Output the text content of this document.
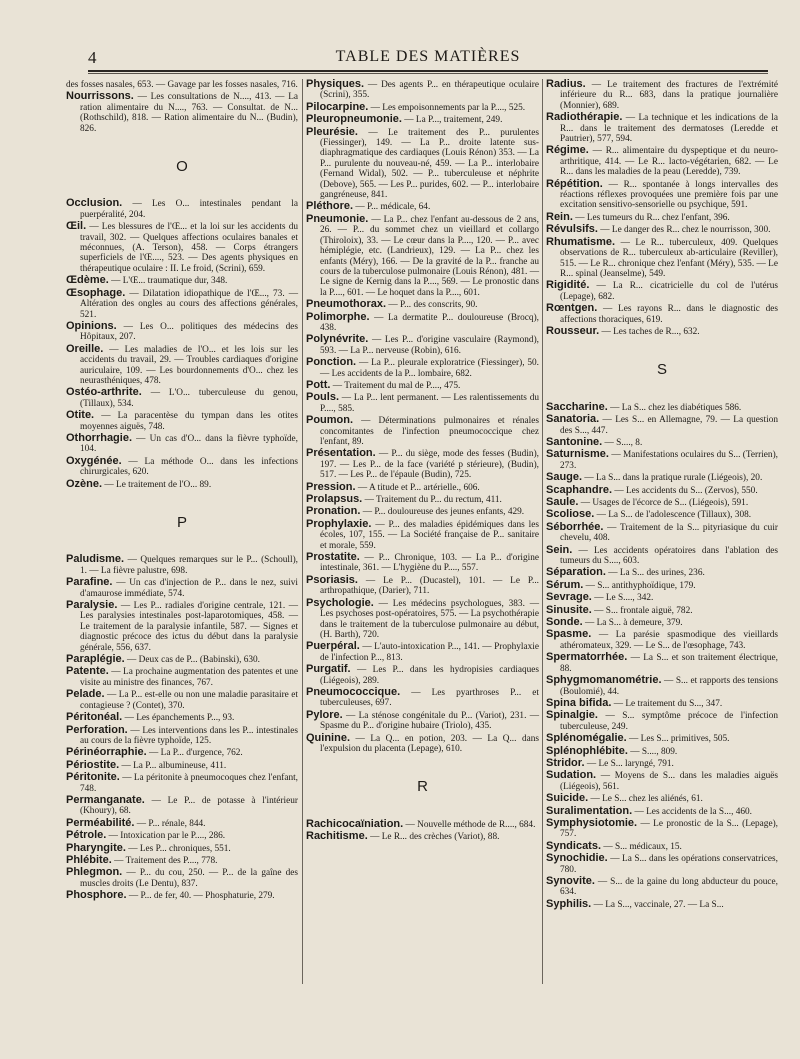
4	TABLE DES MATIÈRES
des fosses nasales, 653. — Gavage par les fosses nasales, 716.
Nourrissons. — Les consultations de N...., 413. — La ration alimentaire du N...., 763. — Consultat. de N... (Rothschild), 818. — Ration alimentaire du N... (Budin), 826.
O
Occlusion. — Les O... intestinales pendant la puerpéralité, 204.
Œil. — Les blessures de l'Œ... et la loi sur les accidents du travail, 302. — Quelques affections oculaires banales et méconnues, (A. Terson), 458. — Corps étrangers superficiels de l'Œ...., 523. — Des agents physiques en thérapeutique oculaire : II. Le froid, (Scrini), 659.
Œdème. — L'Œ... traumatique dur, 348.
Œsophage. — Dilatation idiopathique de l'Œ..., 73. — Altération des ongles au cours des affections générales, 521.
Opinions. — Les O... politiques des médecins des Hôpitaux, 207.
Oreille. — Les maladies de l'O... et les lois sur les accidents du travail, 29. — Troubles cardiaques d'origine auriculaire, 109. — Les bourdonnements d'O... chez les neurasthéniques, 478.
Ostéo-arthrite. — L'O... tuberculeuse du genou, (Tillaux), 534.
Otite. — La paracentèse du tympan dans les otites moyennes aiguës, 748.
Othorrhagie. — Un cas d'O... dans la fièvre typhoïde, 104.
Oxygénée. — La méthode O... dans les infections chirurgicales, 620.
Ozène. — Le traitement de l'O... 89.
P
Paludisme. — Quelques remarques sur le P... (Schoull), 1. — La fièvre palustre, 698.
Parafine. — Un cas d'injection de P... dans le nez, suivi d'amaurose immédiate, 574.
Paralysie. — Les P... radiales d'origine centrale, 121. — Les paralysies intestinales post-laparotomiques, 458. — Le traitement de la paralysie infantile, 587. — Signes et diagnostic précoce des ictus du début dans la paralysie générale, 556, 637.
Paraplégie. — Deux cas de P... (Babinski), 630.
Patente. — La prochaine augmentation des patentes et une visite au ministre des finances, 767.
Pelade. — La P... est-elle ou non une maladie parasitaire et contagieuse ? (Contet), 370.
Péritonéal. — Les épanchements P..., 93.
Perforation. — Les interventions dans les P... intestinales au cours de la fièvre typhoïde, 125.
Périnéorraphie. — La P... d'urgence, 762.
Périostite. — La P... albumineuse, 411.
Péritonite. — La péritonite à pneumocoques chez l'enfant, 748.
Permanganate. — Le P... de potasse à l'intérieur (Khoury), 68.
Perméabilité. — P... rénale, 844.
Pétrole. — Intoxication par le P...., 286.
Pharyngite. — Les P... chroniques, 551.
Phlébite. — Traitement des P...., 778.
Phlegmon. — P... du cou, 250. — P... de la gaîne des muscles droits (Le Dentu), 837.
Phosphore. — P... de fer, 40. — Phosphaturie, 279.
Physiques. — Des agents P... en thérapeutique oculaire (Scrini), 355.
Pilocarpine. — Les empoisonnements par la P...., 525.
Pleuropneumonie. — La P..., traitement, 249.
Pleurésie. — Le traitement des P... purulentes (Fiessinger), 149. — La P... droite latente sus-diaphragmatique des cardiaques (Louis Rénon) 353. — La P... purulente du nouveau-né, 459. — La P... interlobaire (Fernand Widal), 502. — P... tuberculeuse et néphrite (Debove), 565. — Les P... purides, 602. — P... interlobaire gangréneuse, 841.
Pléthore. — P... médicale, 64.
Pneumonie. — La P... chez l'enfant au-dessous de 2 ans, 26. — P... du sommet chez un vieillard et collargo (Thiroloix), 33. — Le cœur dans la P...., 120. — P... avec hémiplégie, etc. (Landrieux), 129. — La P... chez les enfants (Méry), 166. — De la gravité de la P... franche au cours de la tuberculose pulmonaire (Louis Rénon), 481. — Le signe de Kernig dans la P...., 569. — Le pronostic dans la P...., 601. — Le hoquet dans la P...., 601.
Pneumothorax. — P... des conscrits, 90.
Polimorphe. — La dermatite P... douloureuse (Brocq), 438.
Polynévrite. — Les P... d'origine vasculaire (Raymond), 593. — La P... nerveuse (Robin), 616.
Ponction. — La P... pleurale exploratrice (Fiessinger), 50. — Les accidents de la P... lombaire, 682.
Pott. — Traitement du mal de P...., 475.
Pouls. — La P... lent permanent. — Les ralentissements du P...., 585.
Poumon. — Déterminations pulmonaires et rénales concomitantes de l'infection pneumococcique chez l'enfant, 89.
Présentation. — P... du siège, mode des fesses (Budin), 197. — Les P... de la face (variété p stérieure), (Budin), 517. — Les P... de l'épaule (Budin), 725.
Pression. — A titude et P... artérielle., 606.
Prolapsus. — Traitement du P... du rectum, 411.
Pronation. — P... douloureuse des jeunes enfants, 429.
Prophylaxie. — P... des maladies épidémiques dans les écoles, 107, 155. — La Société française de P... sanitaire et morale, 559.
Prostatite. — P... Chronique, 103. — La P... d'origine intestinale, 361. — L'hygiène du P...., 557.
Psoriasis. — Le P... (Ducastel), 101. — Le P... arthropathique, (Darier), 711.
Psychologie. — Les médecins psychologues, 383. — Les psychoses post-opératoires, 575. — La psychothérapie dans le traitement de la tuberculose pulmonaire au début, (H. Barth), 720.
Puerpéral. — L'auto-intoxication P..., 141. — Prophylaxie de l'infection P..., 813.
Purgatif. — Les P... dans les hydropisies cardiaques (Liégeois), 289.
Pneumococcique. — Les pyarthroses P... et tuberculeuses, 697.
Pylore. — La sténose congénitale du P... (Variot), 231. — Spasme du P... d'origine hubaire (Triolo), 435.
Quinine. — La Q... en potion, 203. — La Q... dans l'expulsion du placenta (Lepage), 610.
R
Rachicocaïniation. — Nouvelle méthode de R...., 684.
Rachitisme. — Le R... des crèches (Variot), 88.
Radius. — Le traitement des fractures de l'extrémité inférieure du R... 683, dans la pratique journalière (Monnier), 689.
Radiothérapie. — La technique et les indications de la R... dans le traitement des dermatoses (Leredde et Pautrier), 577, 594.
Régime. — R... alimentaire du dyspeptique et du neuro-arthritique, 414. — Le R... lacto-végétarien, 682. — Le R... dans les maladies de la peau (Leredde), 739.
Répétition. — R... spontanée à longs intervalles des réactions réflexes provoquées une première fois par une excitation sensitivo-sensorielle ou psychique, 591.
Rein. — Les tumeurs du R... chez l'enfant, 396.
Révulsifs. — Le danger des R... chez le nourrisson, 300.
Rhumatisme. — Le R... tuberculeux, 409. Quelques observations de R... tuberculeux ab-articulaire (Reviller), 515. — Le R... chronique chez l'enfant (Méry), 535. — Le R... spinal (Jeanselme), 549.
Rigidité. — La R... cicatricielle du col de l'utérus (Lepage), 682.
Rœntgen. — Les rayons R... dans le diagnostic des affections thoraciques, 619.
Rousseur. — Les taches de R..., 632.
S
Saccharine. — La S... chez les diabétiques 586.
Sanatoria. — Les S... en Allemagne, 79. — La question des S..., 447.
Santonine. — S...., 8.
Saturnisme. — Manifestations oculaires du S... (Terrien), 273.
Sauge. — La S... dans la pratique rurale (Liégeois), 20.
Scaphandre. — Les accidents du S... (Zervos), 550.
Saule. — Usages de l'écorce de S... (Liégeois), 591.
Scoliose. — La S... de l'adolescence (Tillaux), 308.
Séborrhée. — Traitement de la S... pityriasique du cuir chevelu, 408.
Sein. — Les accidents opératoires dans l'ablation des tumeurs du S...., 603.
Séparation. — La S... des urines, 236.
Sérum. — S... antithyphoïdique, 179.
Sevrage. — Le S...., 342.
Sinusite. — S... frontale aiguë, 782.
Sonde. — La S... à demeure, 379.
Spasme. — La parésie spasmodique des vieillards athéromateux, 329. — Le S... de l'œsophage, 743.
Spermatorrhée. — La S... et son traitement électrique, 88.
Sphygmomanométrie. — S... et rapports des tensions (Boulomié), 44.
Spina bifida. — Le traitement du S..., 347.
Spinalgie. — S... symptôme précoce de l'infection tuberculeuse, 249.
Splénomégalie. — Les S... primitives, 505.
Splénophlébite. — S...., 809.
Stridor. — Le S... laryngé, 791.
Sudation. — Moyens de S... dans les maladies aiguës (Liégeois), 561.
Suicide. — Le S... chez les aliénés, 61.
Suralimentation. — Les accidents de la S..., 460.
Symphysiotomie. — Le pronostic de la S... (Lepage), 757.
Syndicats. — S... médicaux, 15.
Synochidie. — La S... dans les opérations conservatrices, 780.
Synovite. — S... de la gaine du long abducteur du pouce, 634.
Syphilis. — La S..., vaccinale, 27. — La S...
